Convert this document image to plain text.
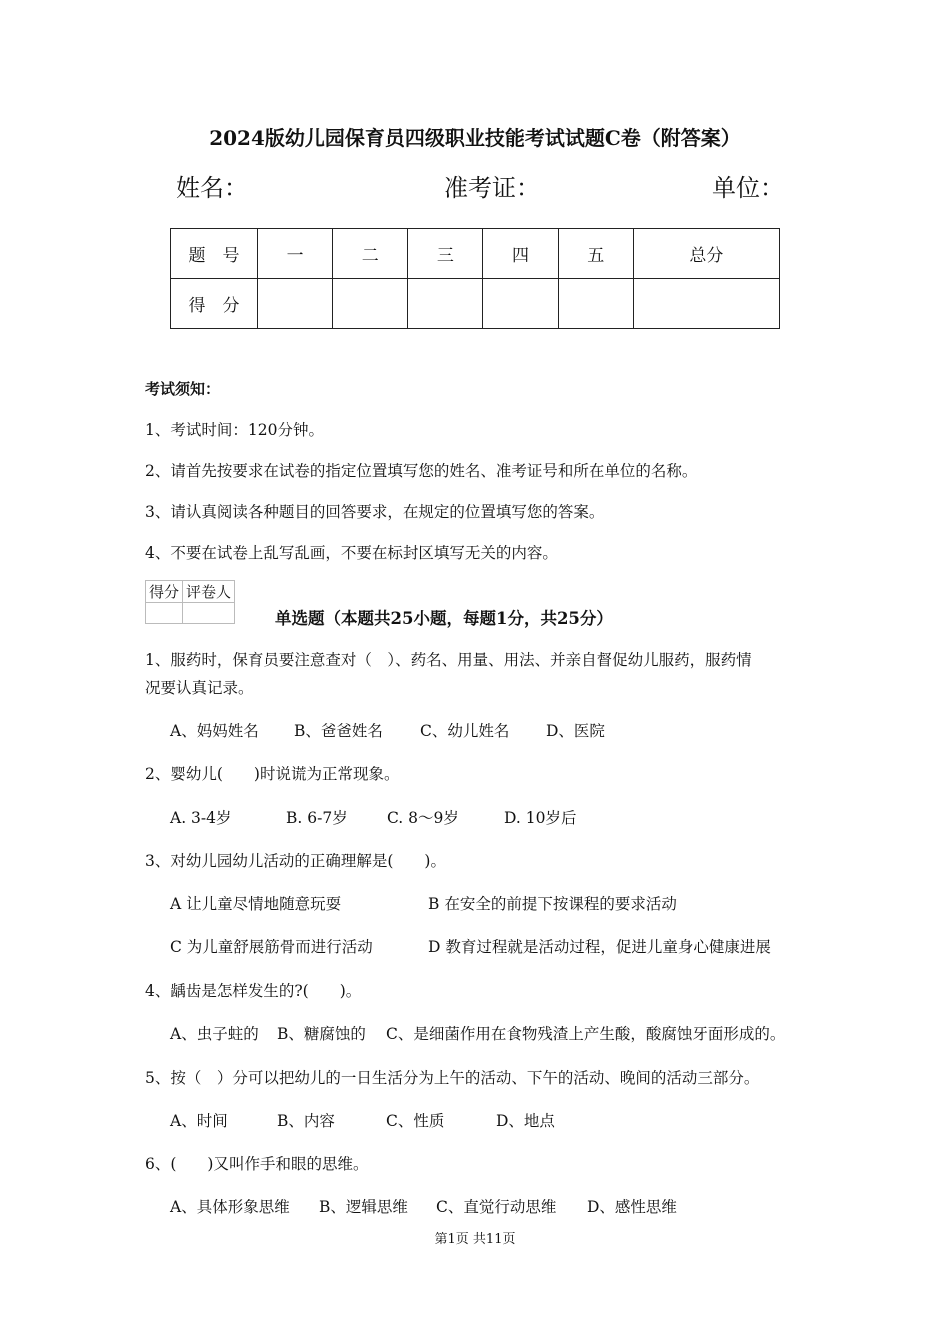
2024版幼儿园保育员四级职业技能考试试题C卷（附答案）
姓名：	准考证：	单位：
题　号	一	二	三	四	五	总分
得　分						
考试须知：
1、考试时间：120分钟。
2、请首先按要求在试卷的指定位置填写您的姓名、准考证号和所在单位的名称。
3、请认真阅读各种题目的回答要求，在规定的位置填写您的答案。
4、不要在试卷上乱写乱画，不要在标封区填写无关的内容。
得分	评卷人

单选题（本题共25小题，每题1分，共25分）
1、服药时，保育员要注意查对（　）、药名、用量、用法、并亲自督促幼儿服药，服药情
况要认真记录。
A、妈妈姓名 B、爸爸姓名 C、幼儿姓名 D、医院
2、婴幼儿(　　)时说谎为正常现象。
A. 3-4岁	B. 6-7岁	C. 8～9岁	D. 10岁后
3、对幼儿园幼儿活动的正确理解是(　　)。
A 让儿童尽情地随意玩耍	B 在安全的前提下按课程的要求活动
C 为儿童舒展筋骨而进行活动	D 教育过程就是活动过程，促进儿童身心健康进展
4、龋齿是怎样发生的?(　　)。
A、虫子蛀的 B、糖腐蚀的 C、是细菌作用在食物残渣上产生酸，酸腐蚀牙面形成的。
5、按（　）分可以把幼儿的一日生活分为上午的活动、下午的活动、晚间的活动三部分。
A、时间	B、内容	C、性质	D、地点
6、(　　)又叫作手和眼的思维。
A、具体形象思维 B、逻辑思维 C、直觉行动思维 D、感性思维
第1页 共11页
